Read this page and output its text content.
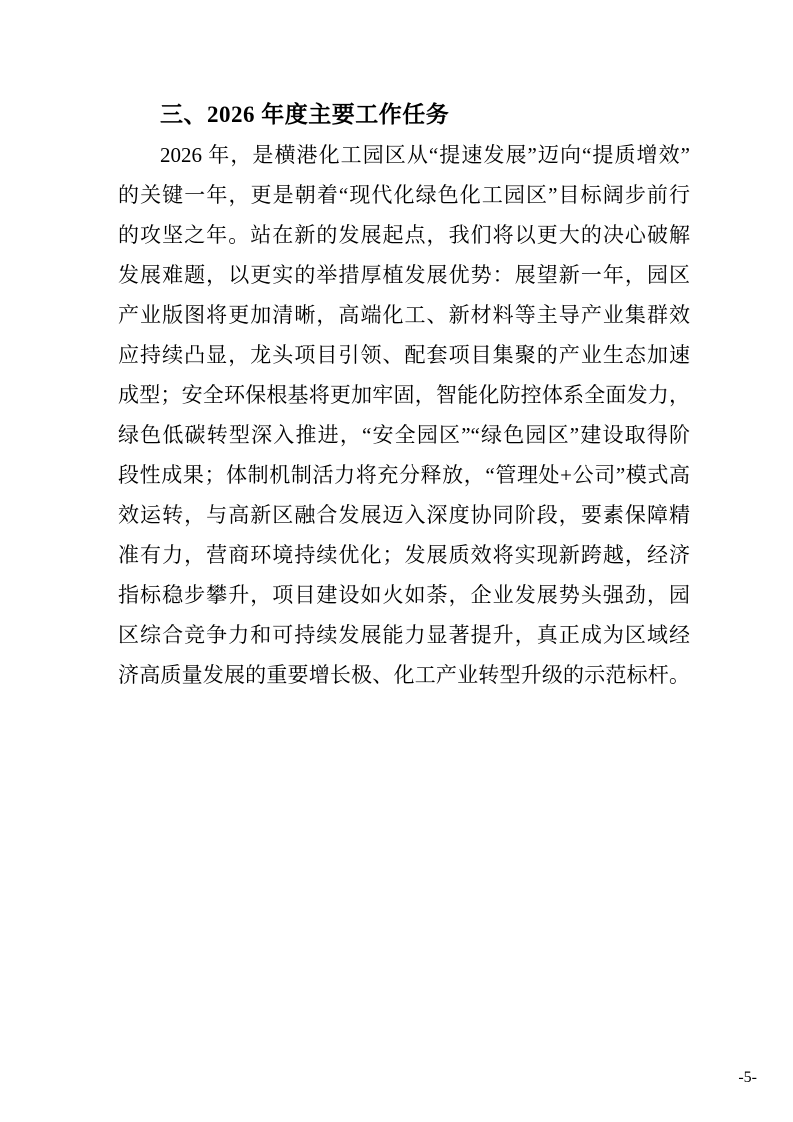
三、2026 年度主要工作任务
2026 年，是横港化工园区从“提速发展”迈向“提质增效”
的关键一年，更是朝着“现代化绿色化工园区”目标阔步前行
的攻坚之年。站在新的发展起点，我们将以更大的决心破解
发展难题，以更实的举措厚植发展优势：展望新一年，园区
产业版图将更加清晰，高端化工、新材料等主导产业集群效
应持续凸显，龙头项目引领、配套项目集聚的产业生态加速
成型；安全环保根基将更加牢固，智能化防控体系全面发力，
绿色低碳转型深入推进，“安全园区”“绿色园区”建设取得阶
段性成果；体制机制活力将充分释放，“管理处+公司”模式高
效运转，与高新区融合发展迈入深度协同阶段，要素保障精
准有力，营商环境持续优化；发展质效将实现新跨越，经济
指标稳步攀升，项目建设如火如荼，企业发展势头强劲，园
区综合竞争力和可持续发展能力显著提升，真正成为区域经
济高质量发展的重要增长极、化工产业转型升级的示范标杆。
-5-
